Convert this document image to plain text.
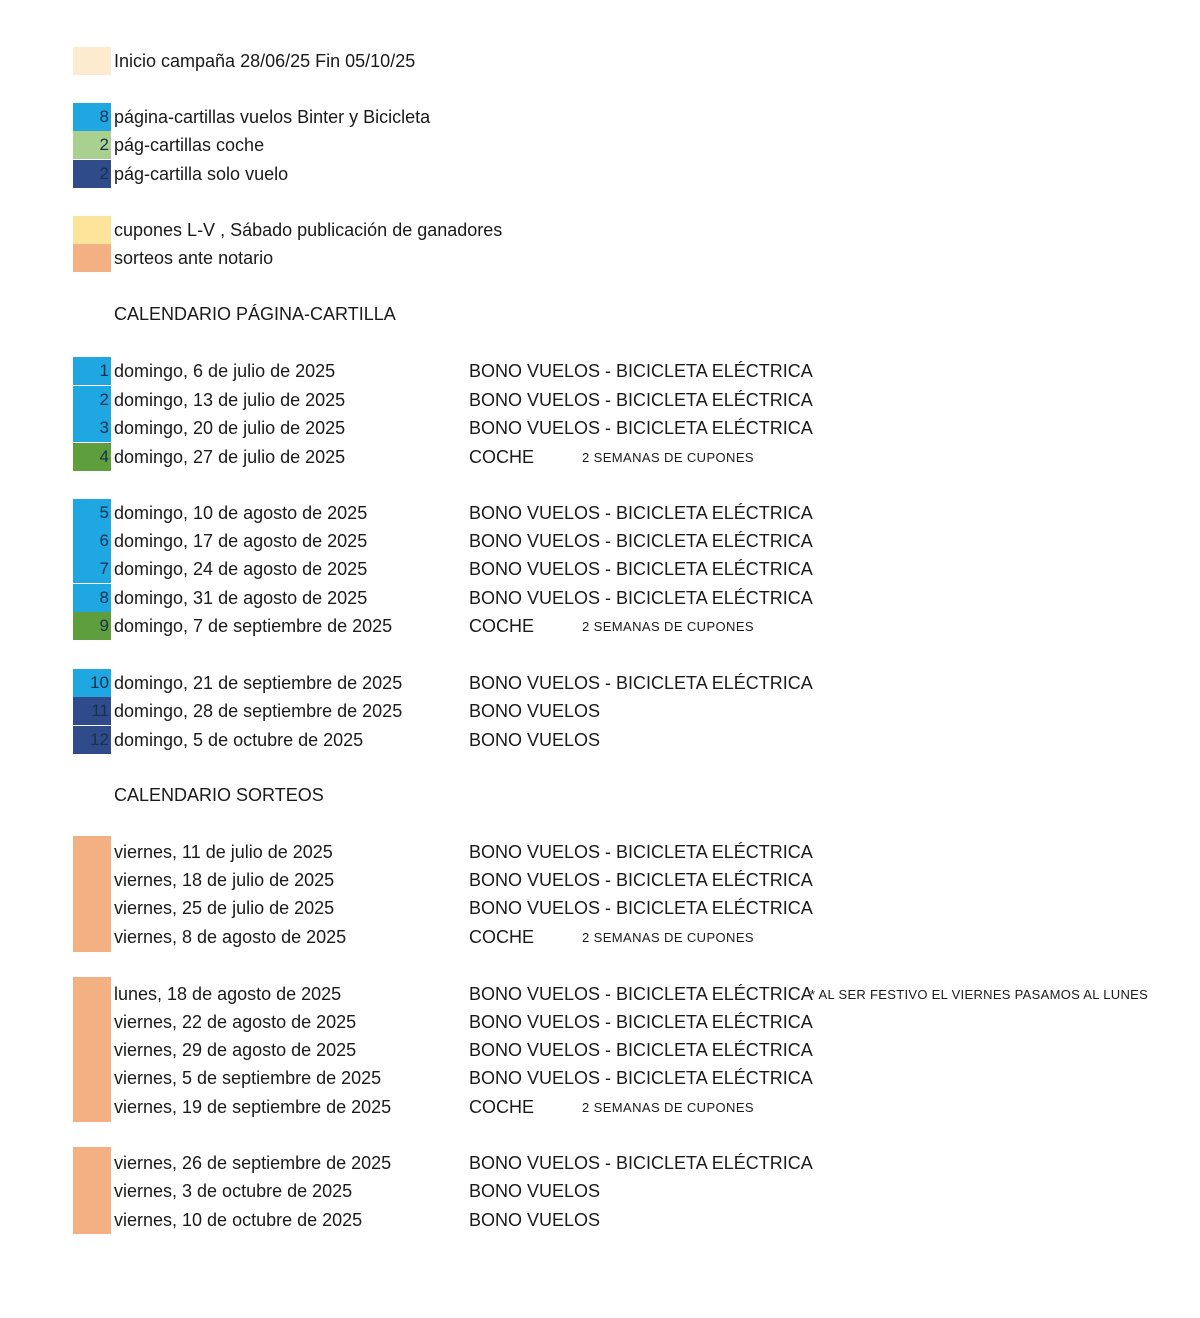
Inicio campaña 28/06/25 Fin 05/10/25
8 página-cartillas vuelos Binter y Bicicleta
2 pág-cartillas coche
2 pág-cartilla solo vuelo
cupones L-V , Sábado publicación de ganadores
sorteos ante notario
CALENDARIO PÁGINA-CARTILLA
1 domingo, 6 de julio de 2025	BONO VUELOS - BICICLETA ELÉCTRICA
2 domingo, 13 de julio de 2025	BONO VUELOS - BICICLETA ELÉCTRICA
3 domingo, 20 de julio de 2025	BONO VUELOS - BICICLETA ELÉCTRICA
4 domingo, 27 de julio de 2025	COCHE	2 SEMANAS DE CUPONES
5 domingo, 10 de agosto de 2025	BONO VUELOS - BICICLETA ELÉCTRICA
6 domingo, 17 de agosto de 2025	BONO VUELOS - BICICLETA ELÉCTRICA
7 domingo, 24 de agosto de 2025	BONO VUELOS - BICICLETA ELÉCTRICA
8 domingo, 31 de agosto de 2025	BONO VUELOS - BICICLETA ELÉCTRICA
9 domingo, 7 de septiembre de 2025	COCHE	2 SEMANAS DE CUPONES
10 domingo, 21 de septiembre de 2025	BONO VUELOS - BICICLETA ELÉCTRICA
11 domingo, 28 de septiembre de 2025	BONO VUELOS
12 domingo, 5 de octubre de 2025	BONO VUELOS
CALENDARIO SORTEOS
viernes, 11 de julio de 2025	BONO VUELOS - BICICLETA ELÉCTRICA
viernes, 18 de julio de 2025	BONO VUELOS - BICICLETA ELÉCTRICA
viernes, 25 de julio de 2025	BONO VUELOS - BICICLETA ELÉCTRICA
viernes, 8 de agosto de 2025	COCHE	2 SEMANAS DE CUPONES
lunes, 18 de agosto de 2025	BONO VUELOS - BICICLETA ELÉCTRICA
* AL SER FESTIVO EL VIERNES PASAMOS AL LUNES
viernes, 22 de agosto de 2025	BONO VUELOS - BICICLETA ELÉCTRICA
viernes, 29 de agosto de 2025	BONO VUELOS - BICICLETA ELÉCTRICA
viernes, 5 de septiembre de 2025	BONO VUELOS - BICICLETA ELÉCTRICA
viernes, 19 de septiembre de 2025	COCHE	2 SEMANAS DE CUPONES
viernes, 26 de septiembre de 2025	BONO VUELOS - BICICLETA ELÉCTRICA
viernes, 3 de octubre de 2025	BONO VUELOS
viernes, 10 de octubre de 2025	BONO VUELOS
